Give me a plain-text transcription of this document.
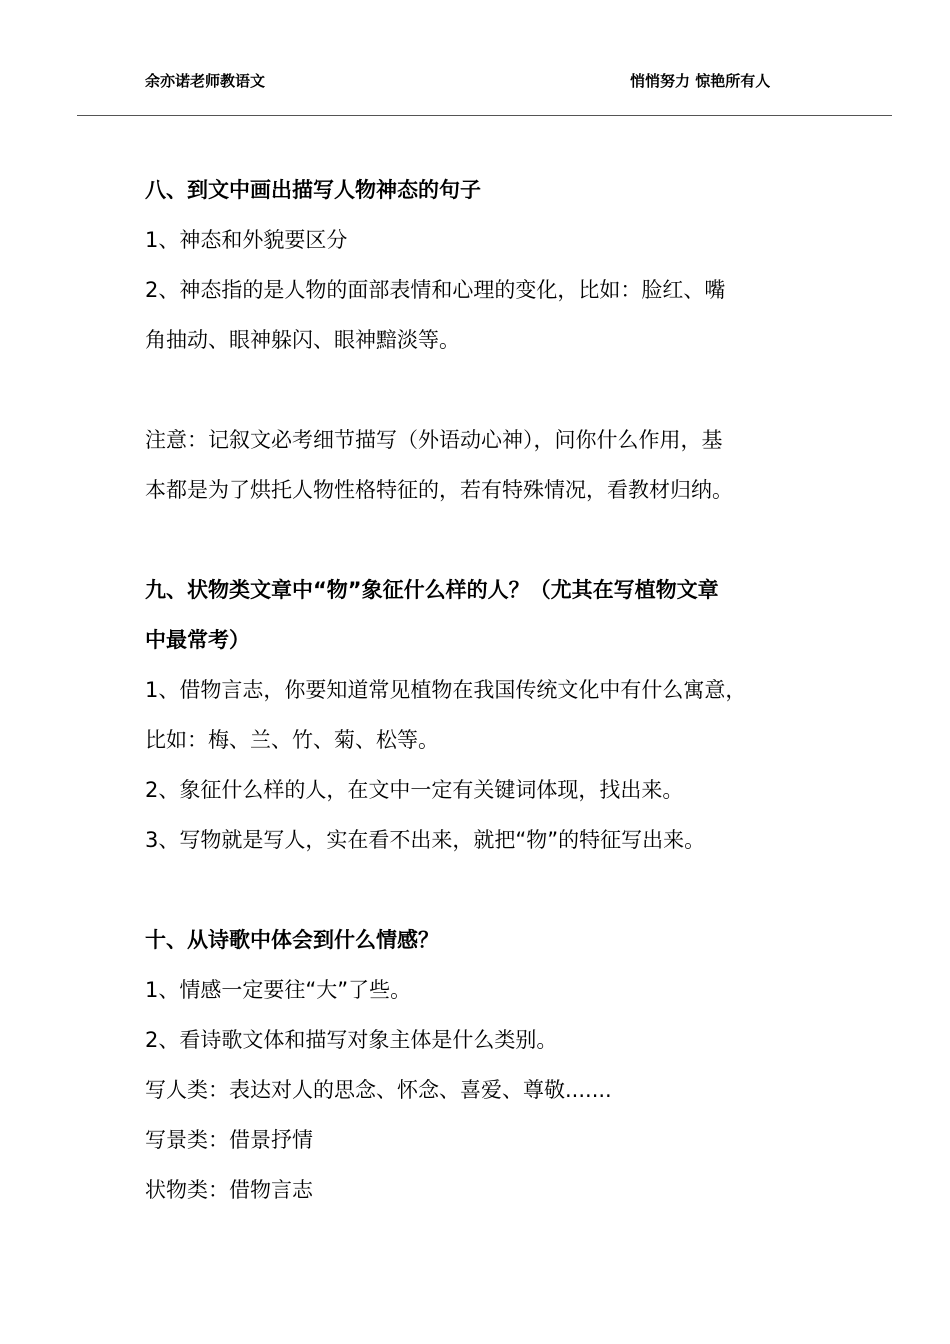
余亦诺老师教语文	悄悄努力 惊艳所有人
八、到文中画出描写人物神态的句子
1、神态和外貌要区分
2、神态指的是人物的面部表情和心理的变化，比如：脸红、嘴
角抽动、眼神躲闪、眼神黯淡等。
注意：记叙文必考细节描写（外语动心神），问你什么作用，基
本都是为了烘托人物性格特征的，若有特殊情况，看教材归纳。
九、状物类文章中“物”象征什么样的人？（尤其在写植物文章
中最常考）
1、借物言志，你要知道常见植物在我国传统文化中有什么寓意，
比如：梅、兰、竹、菊、松等。
2、象征什么样的人，在文中一定有关键词体现，找出来。
3、写物就是写人，实在看不出来，就把“物”的特征写出来。
十、从诗歌中体会到什么情感？
1、情感一定要往“大”了些。
2、看诗歌文体和描写对象主体是什么类别。
写人类：表达对人的思念、怀念、喜爱、尊敬.......
写景类：借景抒情
状物类：借物言志
